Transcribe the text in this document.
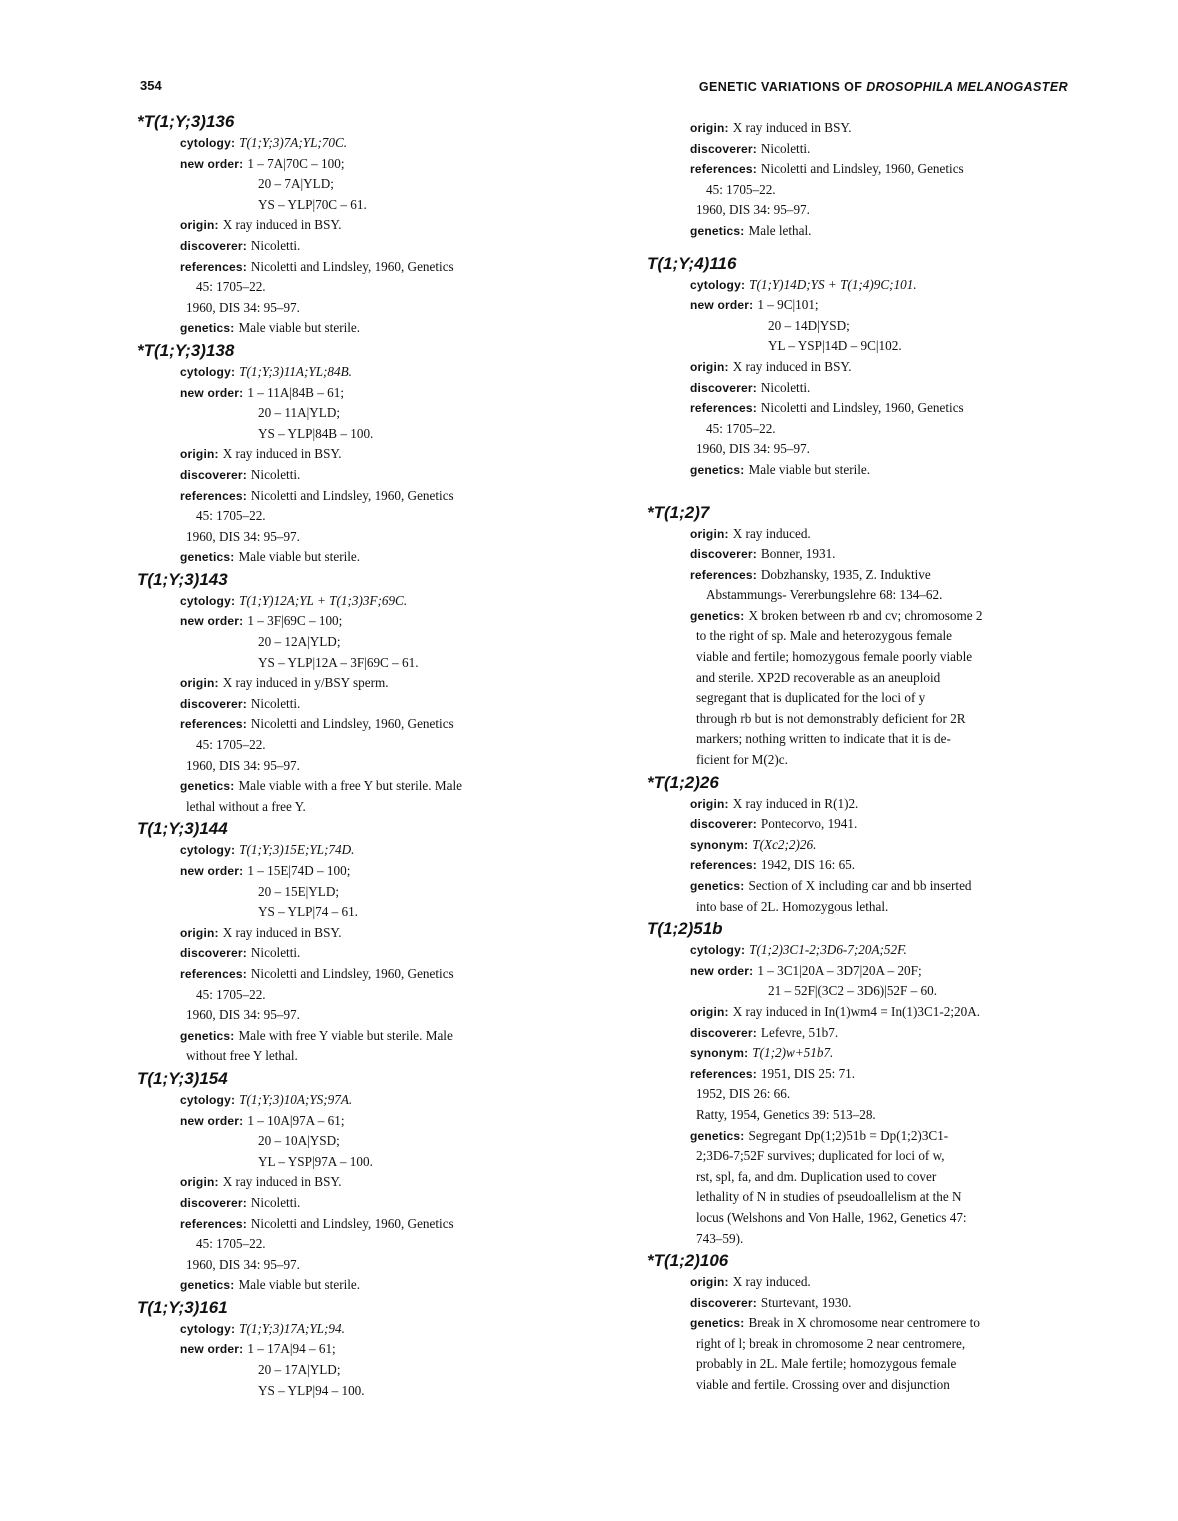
354	GENETIC VARIATIONS OF DROSOPHILA MELANOGASTER
*T(1;Y;3)136
cytology: T(1;Y;3)7A;YL;70C.
new order: 1 – 7A|70C – 100;
20 – 7A|YLD;
YS – YLP|70C – 61.
origin: X ray induced in BSY.
discoverer: Nicoletti.
references: Nicoletti and Lindsley, 1960, Genetics
45: 1705–22.
1960, DIS 34: 95–97.
genetics: Male viable but sterile.
*T(1;Y;3)138
cytology: T(1;Y;3)11A;YL;84B.
new order: 1 – 11A|84B – 61;
20 – 11A|YLD;
YS – YLP|84B – 100.
origin: X ray induced in BSY.
discoverer: Nicoletti.
references: Nicoletti and Lindsley, 1960, Genetics
45: 1705–22.
1960, DIS 34: 95–97.
genetics: Male viable but sterile.
T(1;Y;3)143
cytology: T(1;Y)12A;YL + T(1;3)3F;69C.
new order: 1 – 3F|69C – 100;
20 – 12A|YLD;
YS – YLP|12A – 3F|69C – 61.
origin: X ray induced in y/BSY sperm.
discoverer: Nicoletti.
references: Nicoletti and Lindsley, 1960, Genetics
45: 1705–22.
1960, DIS 34: 95–97.
genetics: Male viable with a free Y but sterile. Male
lethal without a free Y.
T(1;Y;3)144
cytology: T(1;Y;3)15E;YL;74D.
new order: 1 – 15E|74D – 100;
20 – 15E|YLD;
YS – YLP|74 – 61.
origin: X ray induced in BSY.
discoverer: Nicoletti.
references: Nicoletti and Lindsley, 1960, Genetics
45: 1705–22.
1960, DIS 34: 95–97.
genetics: Male with free Y viable but sterile. Male
without free Y lethal.
T(1;Y;3)154
cytology: T(1;Y;3)10A;YS;97A.
new order: 1 – 10A|97A – 61;
20 – 10A|YSD;
YL – YSP|97A – 100.
origin: X ray induced in BSY.
discoverer: Nicoletti.
references: Nicoletti and Lindsley, 1960, Genetics
45: 1705–22.
1960, DIS 34: 95–97.
genetics: Male viable but sterile.
T(1;Y;3)161
cytology: T(1;Y;3)17A;YL;94.
new order: 1 – 17A|94 – 61;
20 – 17A|YLD;
YS – YLP|94 – 100.
origin: X ray induced in BSY.
discoverer: Nicoletti.
references: Nicoletti and Lindsley, 1960, Genetics
45: 1705–22.
1960, DIS 34: 95–97.
genetics: Male lethal.
T(1;Y;4)116
cytology: T(1;Y)14D;YS + T(1;4)9C;101.
new order: 1 – 9C|101;
20 – 14D|YSD;
YL – YSP|14D – 9C|102.
origin: X ray induced in BSY.
discoverer: Nicoletti.
references: Nicoletti and Lindsley, 1960, Genetics
45: 1705–22.
1960, DIS 34: 95–97.
genetics: Male viable but sterile.
*T(1;2)7
origin: X ray induced.
discoverer: Bonner, 1931.
references: Dobzhansky, 1935, Z. Induktive
Abstammungs- Vererbungslehre 68: 134–62.
genetics: X broken between rb and cv; chromosome 2
to the right of sp. Male and heterozygous female
viable and fertile; homozygous female poorly viable
and sterile. XP2D recoverable as an aneuploid
segregant that is duplicated for the loci of y
through rb but is not demonstrably deficient for 2R
markers; nothing written to indicate that it is de-
ficient for M(2)c.
*T(1;2)26
origin: X ray induced in R(1)2.
discoverer: Pontecorvo, 1941.
synonym: T(Xc2;2)26.
references: 1942, DIS 16: 65.
genetics: Section of X including car and bb inserted
into base of 2L. Homozygous lethal.
T(1;2)51b
cytology: T(1;2)3C1-2;3D6-7;20A;52F.
new order: 1 – 3C1|20A – 3D7|20A – 20F;
21 – 52F|(3C2 – 3D6)|52F – 60.
origin: X ray induced in In(1)wm4 = In(1)3C1-2;20A.
discoverer: Lefevre, 51b7.
synonym: T(1;2)w+51b7.
references: 1951, DIS 25: 71.
1952, DIS 26: 66.
Ratty, 1954, Genetics 39: 513–28.
genetics: Segregant Dp(1;2)51b = Dp(1;2)3C1-
2;3D6-7;52F survives; duplicated for loci of w,
rst, spl, fa, and dm. Duplication used to cover
lethality of N in studies of pseudoallelism at the N
locus (Welshons and Von Halle, 1962, Genetics 47:
743–59).
*T(1;2)106
origin: X ray induced.
discoverer: Sturtevant, 1930.
genetics: Break in X chromosome near centromere to
right of l; break in chromosome 2 near centromere,
probably in 2L. Male fertile; homozygous female
viable and fertile. Crossing over and disjunction
